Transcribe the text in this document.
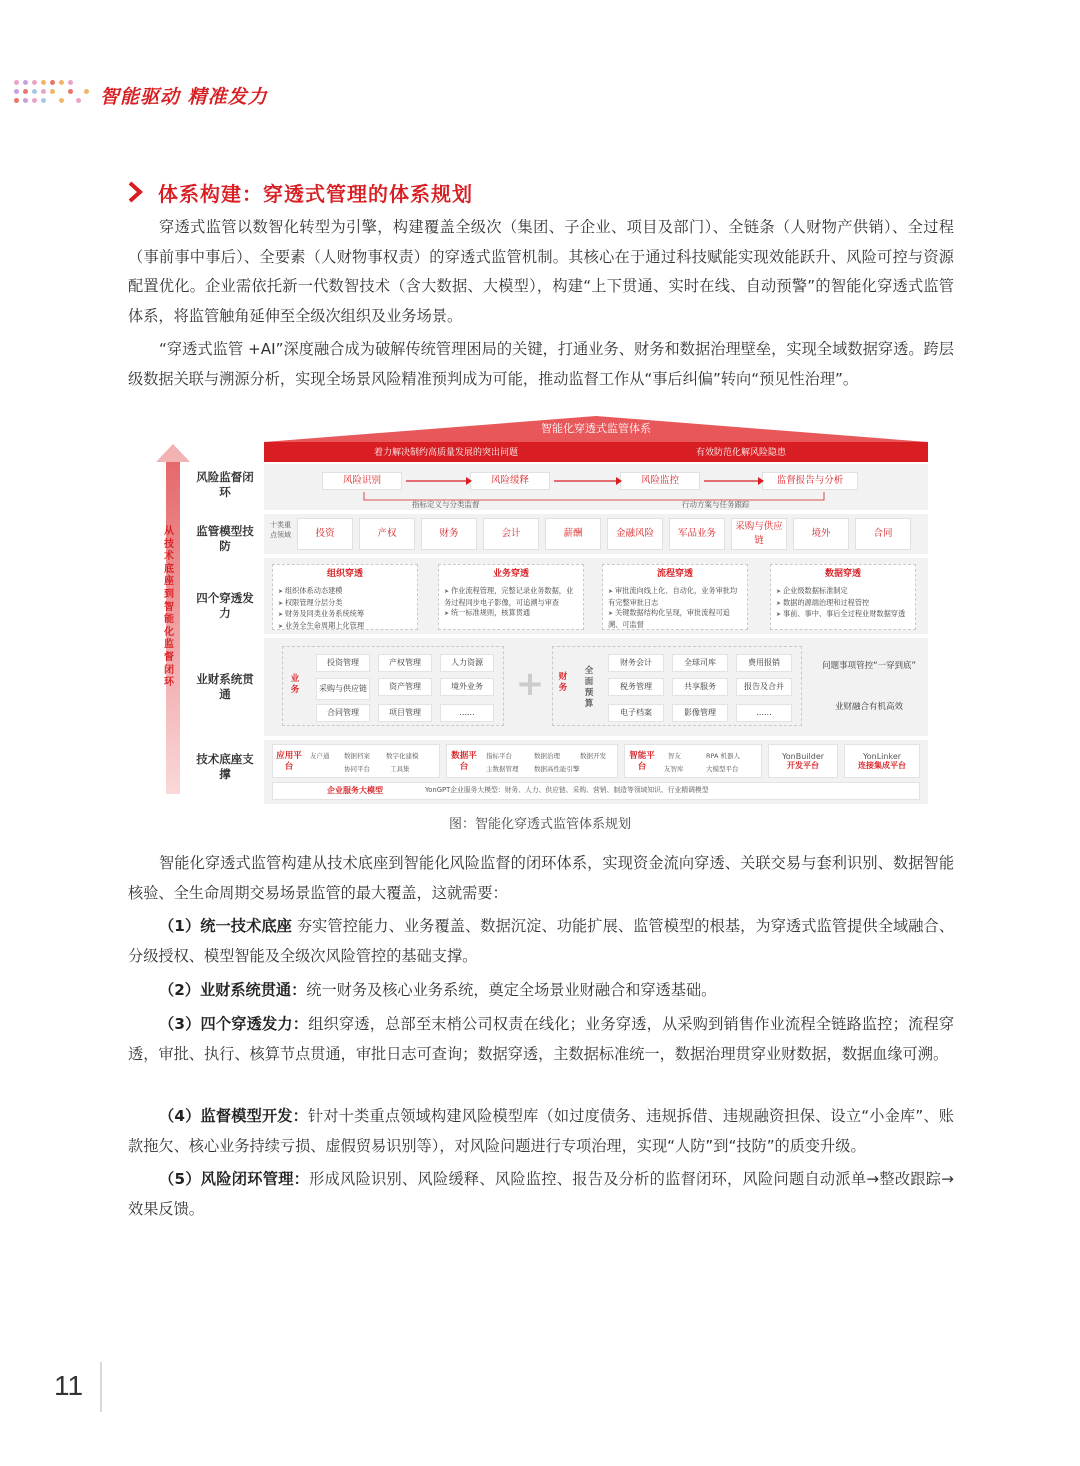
智能驱动 精准发力
体系构建：穿透式管理的体系规划
穿透式监管以数智化转型为引擎，构建覆盖全级次（集团、子企业、项目及部门）、全链条（人财物产供销）、全过程（事前事中事后）、全要素（人财物事权责）的穿透式监管机制。其核心在于通过科技赋能实现效能跃升、风险可控与资源配置优化。企业需依托新一代数智技术（含大数据、大模型），构建“上下贯通、实时在线、自动预警”的智能化穿透式监管体系，将监管触角延伸至全级次组织及业务场景。
“穿透式监管 +AI”深度融合成为破解传统管理困局的关键，打通业务、财务和数据治理壁垒，实现全域数据穿透。跨层级数据关联与溯源分析，实现全场景风险精准预判成为可能，推动监督工作从“事后纠偏”转向“预见性治理”。
从技术底座到智能化监督闭环
智能化穿透式监管体系
着力解决制约高质量发展的突出问题	有效防范化解风险隐患
风险监督闭环
监管模型技防
四个穿透发力
业财系统贯通
技术底座支撑
风险识别	风险缓释	风险监控	监督报告与分析
指标定义与分类监督	行动方案与任务跟踪
十类重点领域	投资	产权	财务	会计	薪酬	金融风险	军品业务
采购与供应链
境外	合同
组织穿透	业务穿透	流程穿透	数据穿透
➤ 组织体系动态建模
➤ 权限管理分层分类
➤ 财务及同类业务系统统筹
➤ 业务全生命周期上化管理
➤ 作业流程管理，完整记录业务数据，业务过程同步电子影像，可追溯与审查
➤ 统一标准规则，核算贯通
➤ 审批流向线上化、自动化，业务审批均有完整审批日志
➤ 关键数据结构化呈现，审批流程可追溯、可监督
➤ 企业级数据标准制定
➤ 数据的源端治理和过程管控
➤ 事前、事中、事后全过程业财数据穿透
业务
投资管理	产权管理	人力资源
采购与供应链	资产管理	境外业务
合同管理	项目管理	......
+	财务
全面预算
财务会计	全球司库	费用报销
税务管理	共享服务	报告及合并
电子档案	影像管理	......
问题事项管控“一穿到底”
业财融合有机高效
应用平台
友户通 数据档案 数字化建模
协同平台	工具集
数据平台
指标平台	数据治理	数据开发
主数据管理 数据高性能引擎
智能平台
智友	RPA 机器人
友智库	大模型平台
YonBuilder
开发平台
YonLinker
连接集成平台
企业服务大模型	YonGPT企业服务大模型：财务、人力、供应链、采购、营销、制造等领域知识、行业精调模型
图：智能化穿透式监管体系规划
智能化穿透式监管构建从技术底座到智能化风险监督的闭环体系，实现资金流向穿透、关联交易与套利识别、数据智能核验、全生命周期交易场景监管的最大覆盖，这就需要：
（1）统一技术底座 夯实管控能力、业务覆盖、数据沉淀、功能扩展、监管模型的根基，为穿透式监管提供全域融合、分级授权、模型智能及全级次风险管控的基础支撑。
（2）业财系统贯通：统一财务及核心业务系统，奠定全场景业财融合和穿透基础。
（3）四个穿透发力：组织穿透，总部至末梢公司权责在线化；业务穿透，从采购到销售作业流程全链路监控；流程穿透，审批、执行、核算节点贯通，审批日志可查询；数据穿透，主数据标准统一，数据治理贯穿业财数据，数据血缘可溯。
（4）监督模型开发：针对十类重点领域构建风险模型库（如过度债务、违规拆借、违规融资担保、设立“小金库”、账款拖欠、核心业务持续亏损、虚假贸易识别等），对风险问题进行专项治理，实现“人防”到“技防”的质变升级。
（5）风险闭环管理：形成风险识别、风险缓释、风险监控、报告及分析的监督闭环，风险问题自动派单→整改跟踪→效果反馈。
11
